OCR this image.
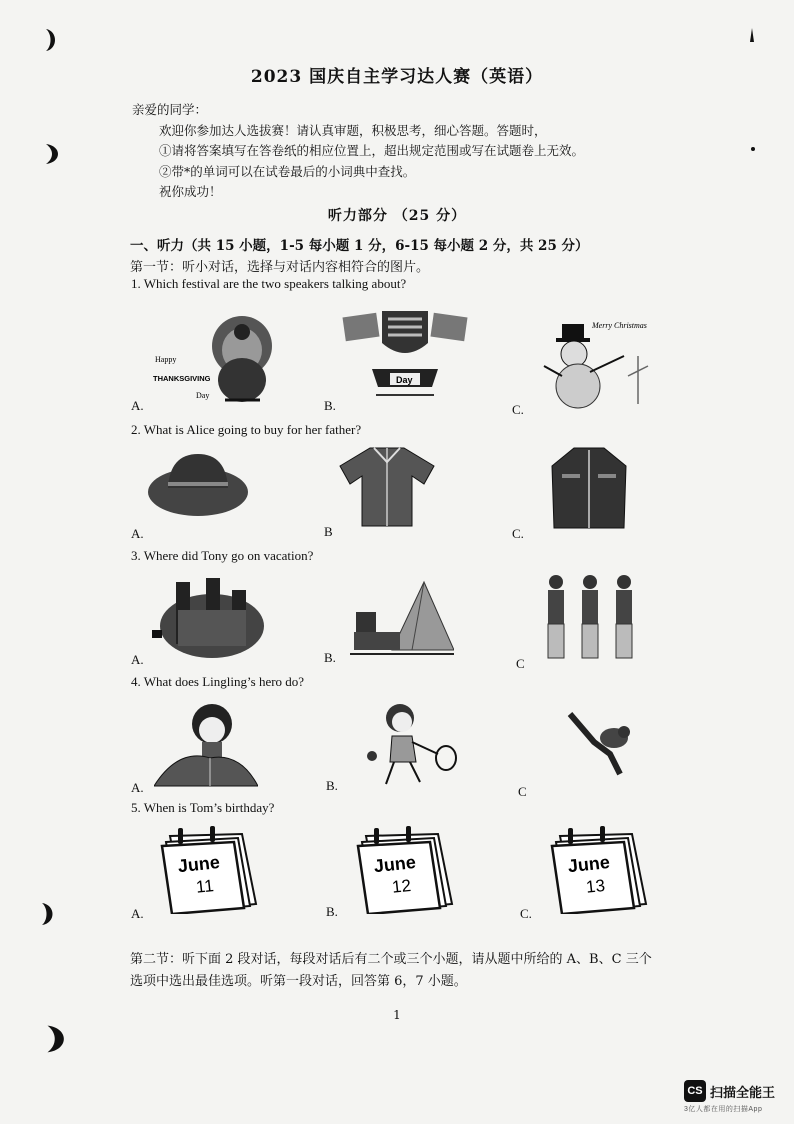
2023 国庆自主学习达人赛（英语）
亲爱的同学：
欢迎你参加达人选拔赛！请认真审题，积极思考，细心答题。答题时，
①请将答案填写在答卷纸的相应位置上，超出规定范围或写在试题卷上无效。
②带*的单词可以在试卷最后的小词典中查找。
祝你成功！
听力部分 （25 分）
一、听力（共 15 小题，1-5 每小题 1 分，6-15 每小题 2 分，共 25 分）
第一节：听小对话，选择与对话内容相符合的图片。
1. Which festival are the two speakers talking about?
Happy
THANKSGIVING
Day
Day
Merry Christmas
A.	B.	C.
2. What is Alice going to buy for her father?
A.	B	C.
3. Where did Tony go on vacation?
A.	B.	C
4. What does Lingling’s hero do?
A.	B.	C
5. When is Tom’s birthday?
June
11
June
12
June
13
A.	B.	C.
第二节：听下面 2 段对话，每段对话后有二个或三个小题，请从题中所给的 A、B、C 三个
选项中选出最佳选项。听第一段对话，回答第 6，7 小题。
1
CS 扫描全能王
3亿人都在用的扫描App
